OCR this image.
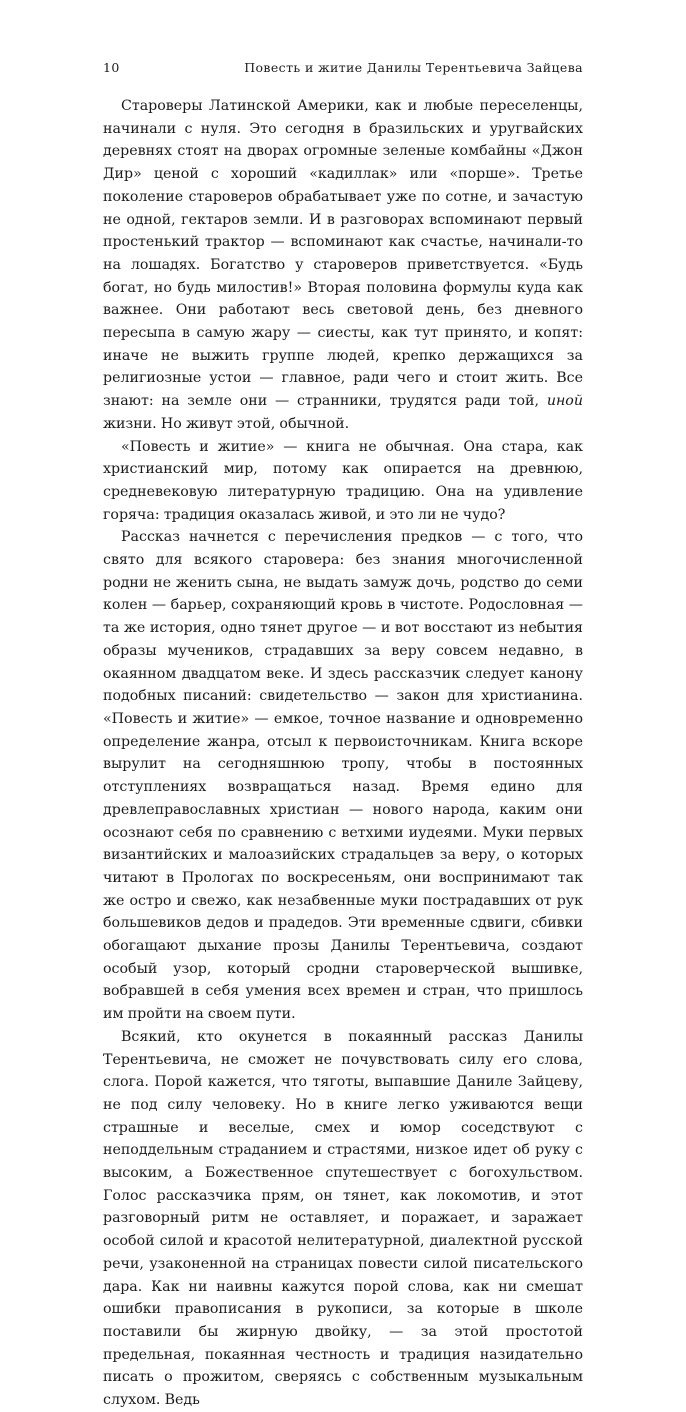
10	Повесть и житие Данилы Терентьевича Зайцева

Староверы Латинской Америки, как и любые переселенцы, начинали с нуля. Это сегодня в бразильских и уругвайских деревнях стоят на дворах огромные зеленые комбайны «Джон Дир» ценой с хороший «кадиллак» или «порше». Третье поколение староверов обрабатывает уже по сотне, и зачастую не одной, гектаров земли. И в разговорах вспоминают первый простенький трактор — вспоминают как счастье, начинали-то на лошадях. Богатство у староверов приветствуется. «Будь богат, но будь милостив!» Вторая половина формулы куда как важнее. Они работают весь световой день, без дневного пересыпа в самую жару — сиесты, как тут принято, и копят: иначе не выжить группе людей, крепко держащихся за религиозные устои — главное, ради чего и стоит жить. Все знают: на земле они — странники, трудятся ради той, иной жизни. Но живут этой, обычной.

«Повесть и житие» — книга не обычная. Она стара, как христианский мир, потому как опирается на древнюю, средневековую литературную традицию. Она на удивление горяча: традиция оказалась живой, и это ли не чудо?

Рассказ начнется с перечисления предков — с того, что свято для всякого старовера: без знания многочисленной родни не женить сына, не выдать замуж дочь, родство до семи колен — барьер, сохраняющий кровь в чистоте. Родословная — та же история, одно тянет другое — и вот восстают из небытия образы мучеников, страдавших за веру совсем недавно, в окаянном двадцатом веке. И здесь рассказчик следует канону подобных писаний: свидетельство — закон для христианина. «Повесть и житие» — емкое, точное название и одновременно определение жанра, отсыл к первоисточникам. Книга вскоре вырулит на сегодняшнюю тропу, чтобы в постоянных отступлениях возвращаться назад. Время едино для древлеправославных христиан — нового народа, каким они осознают себя по сравнению с ветхими иудеями. Муки первых византийских и малоазийских страдальцев за веру, о которых читают в Прологах по воскресеньям, они воспринимают так же остро и свежо, как незабвенные муки пострадавших от рук большевиков дедов и прадедов. Эти временные сдвиги, сбивки обогащают дыхание прозы Данилы Терентьевича, создают особый узор, который сродни староверческой вышивке, вобравшей в себя умения всех времен и стран, что пришлось им пройти на своем пути.

Всякий, кто окунется в покаянный рассказ Данилы Терентьевича, не сможет не почувствовать силу его слова, слога. Порой кажется, что тяготы, выпавшие Даниле Зайцеву, не под силу человеку. Но в книге легко уживаются вещи страшные и веселые, смех и юмор соседствуют с неподдельным страданием и страстями, низкое идет об руку с высоким, а Божественное спутешествует с богохульством. Голос рассказчика прям, он тянет, как локомотив, и этот разговорный ритм не оставляет, и поражает, и заражает особой силой и красотой нелитературной, диалектной русской речи, узаконенной на страницах повести силой писательского дара. Как ни наивны кажутся порой слова, как ни смешат ошибки правописания в рукописи, за которые в школе поставили бы жирную двойку, — за этой простотой предельная, покаянная честность и традиция назидательно писать о прожитом, сверяясь с собственным музыкальным слухом. Ведь
